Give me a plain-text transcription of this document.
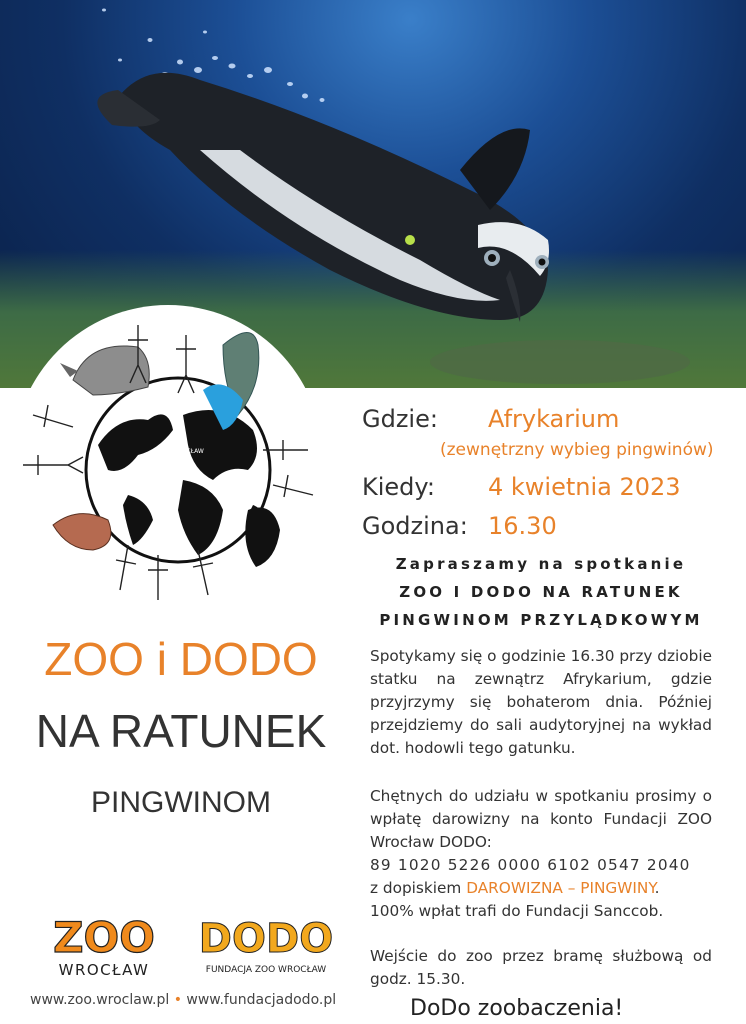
ZOO WROCŁAW
Gdzie: Afrykarium
(zewnętrzny wybieg pingwinów)
Kiedy: 4 kwietnia 2023
Godzina: 16.30
Zapraszamy na spotkanie
ZOO I DODO NA RATUNEK
PINGWINOM PRZYLĄDKOWYM
Spotykamy się o godzinie 16.30 przy dziobie statku na zewnątrz Afrykarium, gdzie przyjrzymy się bohaterom dnia. Później przejdziemy do sali audytoryjnej na wykład dot. hodowli tego gatunku.
Chętnych do udziału w spotkaniu prosimy o wpłatę darowizny na konto Fundacji ZOO Wrocław DODO:
89 1020 5226 0000 6102 0547 2040
z dopiskiem DAROWIZNA – PINGWINY.
100% wpłat trafi do Fundacji Sanccob.
Wejście do zoo przez bramę służbową od godz. 15.30.
ZOO i DODO
NA RATUNEK
PINGWINOM
ZOO
WROCŁAW
DODO
FUNDACJA ZOO WROCŁAW
www.zoo.wroclaw.pl • www.fundacjadodo.pl	DoDo zoobaczenia!
